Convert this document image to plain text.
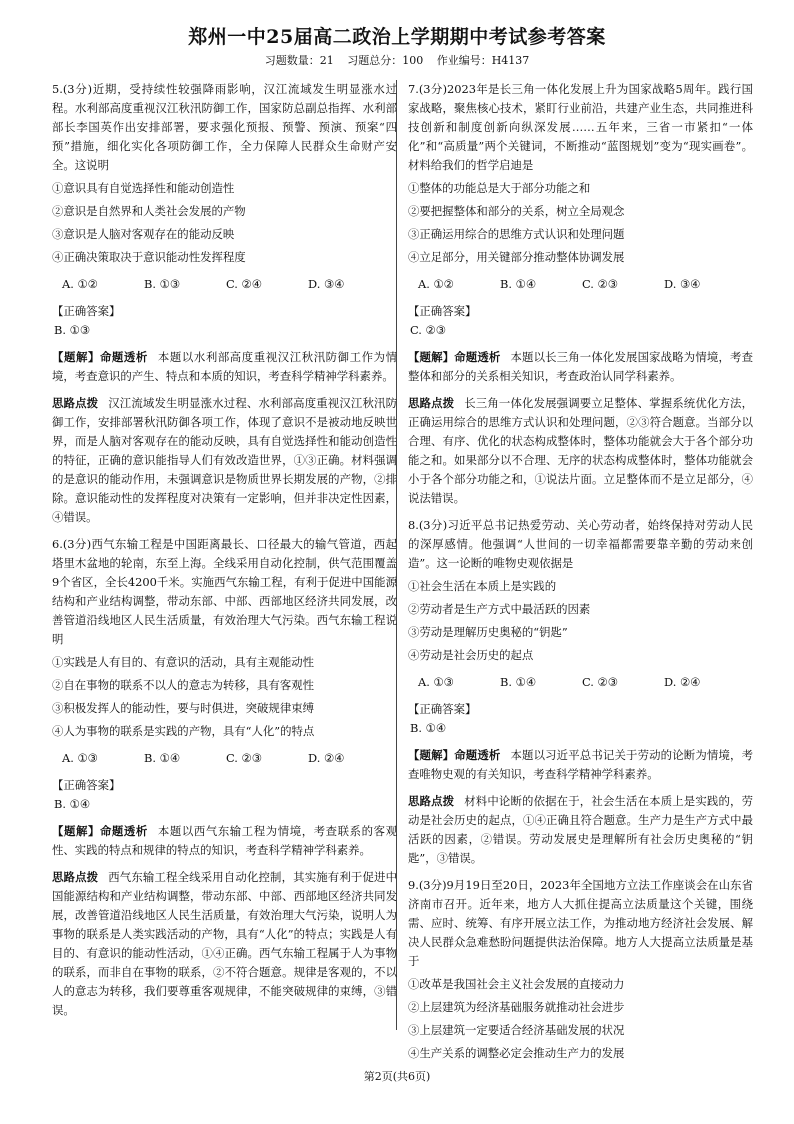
郑州一中25届高二政治上学期期中考试参考答案
习题数量：21 习题总分：100 作业编号：H4137

5.(3分)近期，受持续性较强降雨影响，汉江流域发生明显涨水过程。水利部高度重视汉江秋汛防御工作，国家防总副总指挥、水利部部长李国英作出安排部署，要求强化预报、预警、预演、预案“四预”措施，细化实化各项防御工作，全力保障人民群众生命财产安全。这说明

①意识具有自觉选择性和能动创造性

②意识是自然界和人类社会发展的产物

③意识是人脑对客观存在的能动反映

④正确决策取决于意识能动性发挥程度

A. ①②	B. ①③	C. ②④	D. ③④
【正确答案】
B. ①③

【题解】命题透析 本题以水利部高度重视汉江秋汛防御工作为情境，考查意识的产生、特点和本质的知识，考查科学精神学科素养。

思路点拨 汉江流域发生明显涨水过程、水利部高度重视汉江秋汛防御工作，安排部署秋汛防御各项工作，体现了意识不是被动地反映世界，而是人脑对客观存在的能动反映，具有自觉选择性和能动创造性的特征，正确的意识能指导人们有效改造世界，①③正确。材料强调的是意识的能动作用，未强调意识是物质世界长期发展的产物，②排除。意识能动性的发挥程度对决策有一定影响，但并非决定性因素，④错误。

6.(3分)西气东输工程是中国距离最长、口径最大的输气管道，西起塔里木盆地的轮南，东至上海。全线采用自动化控制，供气范围覆盖9个省区，全长4200千米。实施西气东输工程，有利于促进中国能源结构和产业结构调整，带动东部、中部、西部地区经济共同发展，改善管道沿线地区人民生活质量，有效治理大气污染。西气东输工程说明

①实践是人有目的、有意识的活动，具有主观能动性

②自在事物的联系不以人的意志为转移，具有客观性

③积极发挥人的能动性，要与时俱进，突破规律束缚

④人为事物的联系是实践的产物，具有“人化”的特点

A. ①③	B. ①④	C. ②③	D. ②④
【正确答案】
B. ①④

【题解】命题透析 本题以西气东输工程为情境，考查联系的客观性、实践的特点和规律的特点的知识，考查科学精神学科素养。

思路点拨 西气东输工程全线采用自动化控制，其实施有利于促进中国能源结构和产业结构调整，带动东部、中部、西部地区经济共同发展，改善管道沿线地区人民生活质量，有效治理大气污染，说明人为事物的联系是人类实践活动的产物，具有“人化”的特点；实践是人有目的、有意识的能动性活动，①④正确。西气东输工程属于人为事物的联系，而非自在事物的联系，②不符合题意。规律是客观的，不以人的意志为转移，我们要尊重客观规律，不能突破规律的束缚，③错误。

7.(3分)2023年是长三角一体化发展上升为国家战略5周年。践行国家战略，聚焦核心技术，紧盯行业前沿，共建产业生态，共同推进科技创新和制度创新向纵深发展……五年来，三省一市紧扣“一体化”和“高质量”两个关键词，不断推动“蓝图规划”变为“现实画卷”。材料给我们的哲学启迪是

①整体的功能总是大于部分功能之和

②要把握整体和部分的关系，树立全局观念

③正确运用综合的思维方式认识和处理问题

④立足部分，用关键部分推动整体协调发展

A. ①②	B. ①④	C. ②③	D. ③④
【正确答案】
C. ②③

【题解】命题透析 本题以长三角一体化发展国家战略为情境，考查整体和部分的关系相关知识，考查政治认同学科素养。

思路点拨 长三角一体化发展强调要立足整体、掌握系统优化方法，正确运用综合的思维方式认识和处理问题，②③符合题意。当部分以合理、有序、优化的状态构成整体时，整体功能就会大于各个部分功能之和。如果部分以不合理、无序的状态构成整体时，整体功能就会小于各个部分功能之和，①说法片面。立足整体而不是立足部分，④说法错误。

8.(3分)习近平总书记热爱劳动、关心劳动者，始终保持对劳动人民的深厚感情。他强调“人世间的一切幸福都需要靠辛勤的劳动来创造”。这一论断的唯物史观依据是

①社会生活在本质上是实践的

②劳动者是生产方式中最活跃的因素

③劳动是理解历史奥秘的“钥匙”

④劳动是社会历史的起点

A. ①③	B. ①④	C. ②③	D. ②④
【正确答案】
B. ①④

【题解】命题透析 本题以习近平总书记关于劳动的论断为情境，考查唯物史观的有关知识，考查科学精神学科素养。

思路点拨 材料中论断的依据在于，社会生活在本质上是实践的，劳动是社会历史的起点，①④正确且符合题意。生产力是生产方式中最活跃的因素，②错误。劳动发展史是理解所有社会历史奥秘的“钥匙”，③错误。

9.(3分)9月19日至20日，2023年全国地方立法工作座谈会在山东省济南市召开。近年来，地方人大抓住提高立法质量这个关键，围绕需、应时、统筹、有序开展立法工作，为推动地方经济社会发展、解决人民群众急难愁盼问题提供法治保障。地方人大提高立法质量是基于

①改革是我国社会主义社会发展的直接动力

②上层建筑为经济基础服务就推动社会进步

③上层建筑一定要适合经济基础发展的状况

④生产关系的调整必定会推动生产力的发展

第2页(共6页)
